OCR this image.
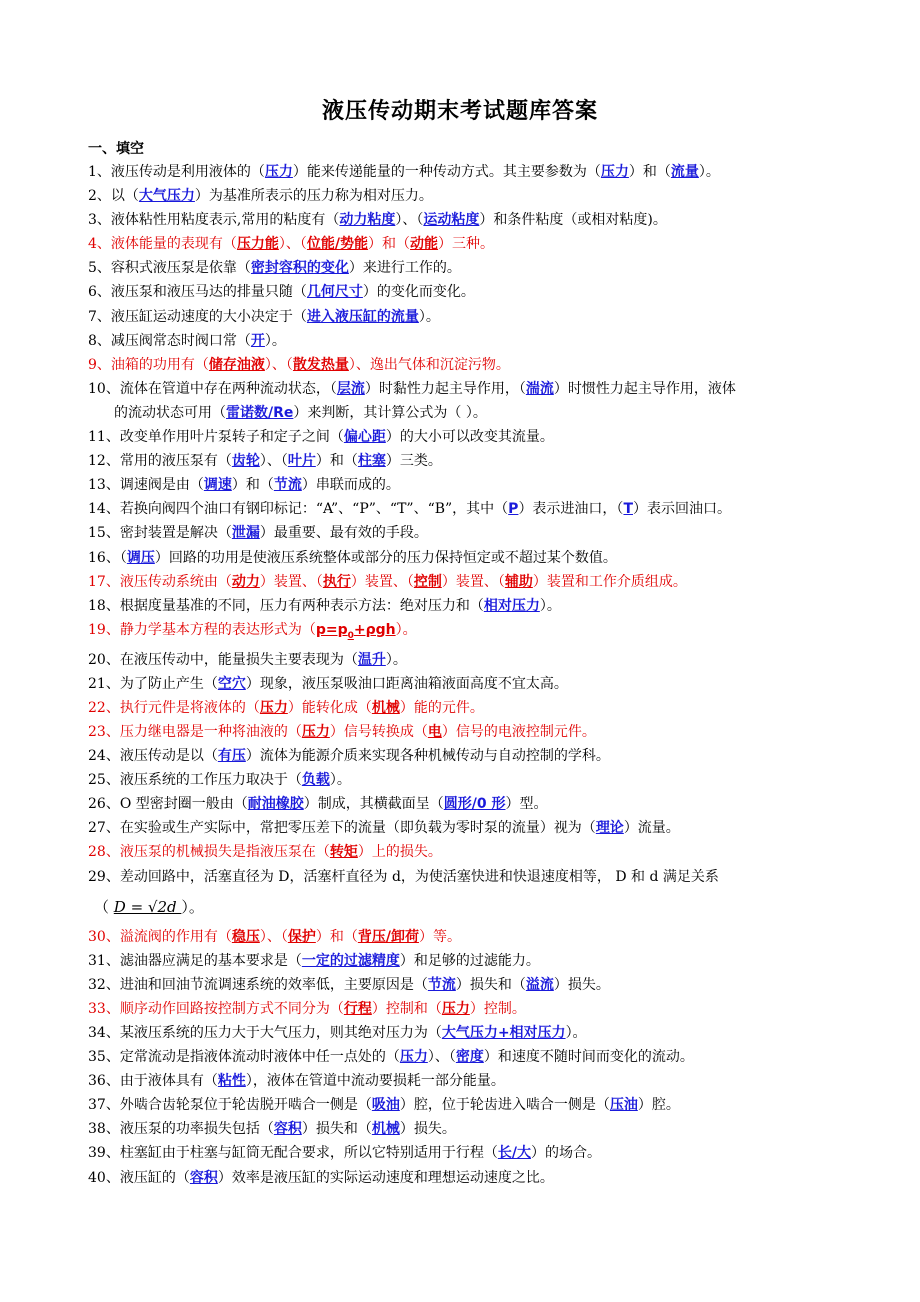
液压传动期末考试题库答案
一、填空
1、液压传动是利用液体的（压力）能来传递能量的一种传动方式。其主要参数为（压力）和（流量）。
2、以（大气压力）为基准所表示的压力称为相对压力。
3、液体粘性用粘度表示,常用的粘度有（动力粘度）、（运动粘度）和条件粘度（或相对粘度)。
4、液体能量的表现有（压力能）、（位能/势能）和（动能）三种。
5、容积式液压泵是依靠（密封容积的变化）来进行工作的。
6、液压泵和液压马达的排量只随（几何尺寸）的变化而变化。
7、液压缸运动速度的大小决定于（进入液压缸的流量）。
8、减压阀常态时阀口常（开）。
9、油箱的功用有（储存油液）、（散发热量）、逸出气体和沉淀污物。
10、流体在管道中存在两种流动状态，（层流）时黏性力起主导作用，（湍流）时惯性力起主导作用，液体
的流动状态可用（雷诺数/Re）来判断，其计算公式为（ ）。
11、改变单作用叶片泵转子和定子之间（偏心距）的大小可以改变其流量。
12、常用的液压泵有（齿轮）、（叶片）和（柱塞）三类。
13、调速阀是由（调速）和（节流）串联而成的。
14、若换向阀四个油口有钢印标记：“A”、“P”、“T”、“B”，其中（P）表示进油口，（T）表示回油口。
15、密封装置是解决（泄漏）最重要、最有效的手段。
16、（调压）回路的功用是使液压系统整体或部分的压力保持恒定或不超过某个数值。
17、液压传动系统由（动力）装置、（执行）装置、（控制）装置、（辅助）装置和工作介质组成。
18、根据度量基准的不同，压力有两种表示方法：绝对压力和（相对压力）。
19、静力学基本方程的表达形式为$(p=p_0+\rho gh)$。
20、在液压传动中，能量损失主要表现为（温升）。
21、为了防止产生（空穴）现象，液压泵吸油口距离油箱液面高度不宜太高。
22、执行元件是将液体的（压力）能转化成（机械）能的元件。
23、压力继电器是一种将油液的（压力）信号转换成（电）信号的电液控制元件。
24、液压传动是以（有压）流体为能源介质来实现各种机械传动与自动控制的学科。
25、液压系统的工作压力取决于（负载）。
26、O 型密封圈一般由（耐油橡胶）制成，其横截面呈（圆形/0 形）型。
27、在实验或生产实际中，常把零压差下的流量（即负载为零时泵的流量）视为（理论）流量。
28、液压泵的机械损失是指液压泵在（转矩）上的损失。
29、差动回路中，活塞直径为 D，活塞杆直径为 d，为使活塞快进和快退速度相等， D 和 d 满足关系
（ D = √2d ）。
30、溢流阀的作用有（稳压）、（保护）和（背压/卸荷）等。
31、滤油器应满足的基本要求是（一定的过滤精度）和足够的过滤能力。
32、进油和回油节流调速系统的效率低，主要原因是（节流）损失和（溢流）损失。
33、顺序动作回路按控制方式不同分为（行程）控制和（压力）控制。
34、某液压系统的压力大于大气压力，则其绝对压力为（大气压力+相对压力）。
35、定常流动是指液体流动时液体中任一点处的（压力）、（密度）和速度不随时间而变化的流动。
36、由于液体具有（粘性），液体在管道中流动要损耗一部分能量。
37、外啮合齿轮泵位于轮齿脱开啮合一侧是（吸油）腔，位于轮齿进入啮合一侧是（压油）腔。
38、液压泵的功率损失包括（容积）损失和（机械）损失。
39、柱塞缸由于柱塞与缸筒无配合要求，所以它特别适用于行程（长/大）的场合。
40、液压缸的（容积）效率是液压缸的实际运动速度和理想运动速度之比。
